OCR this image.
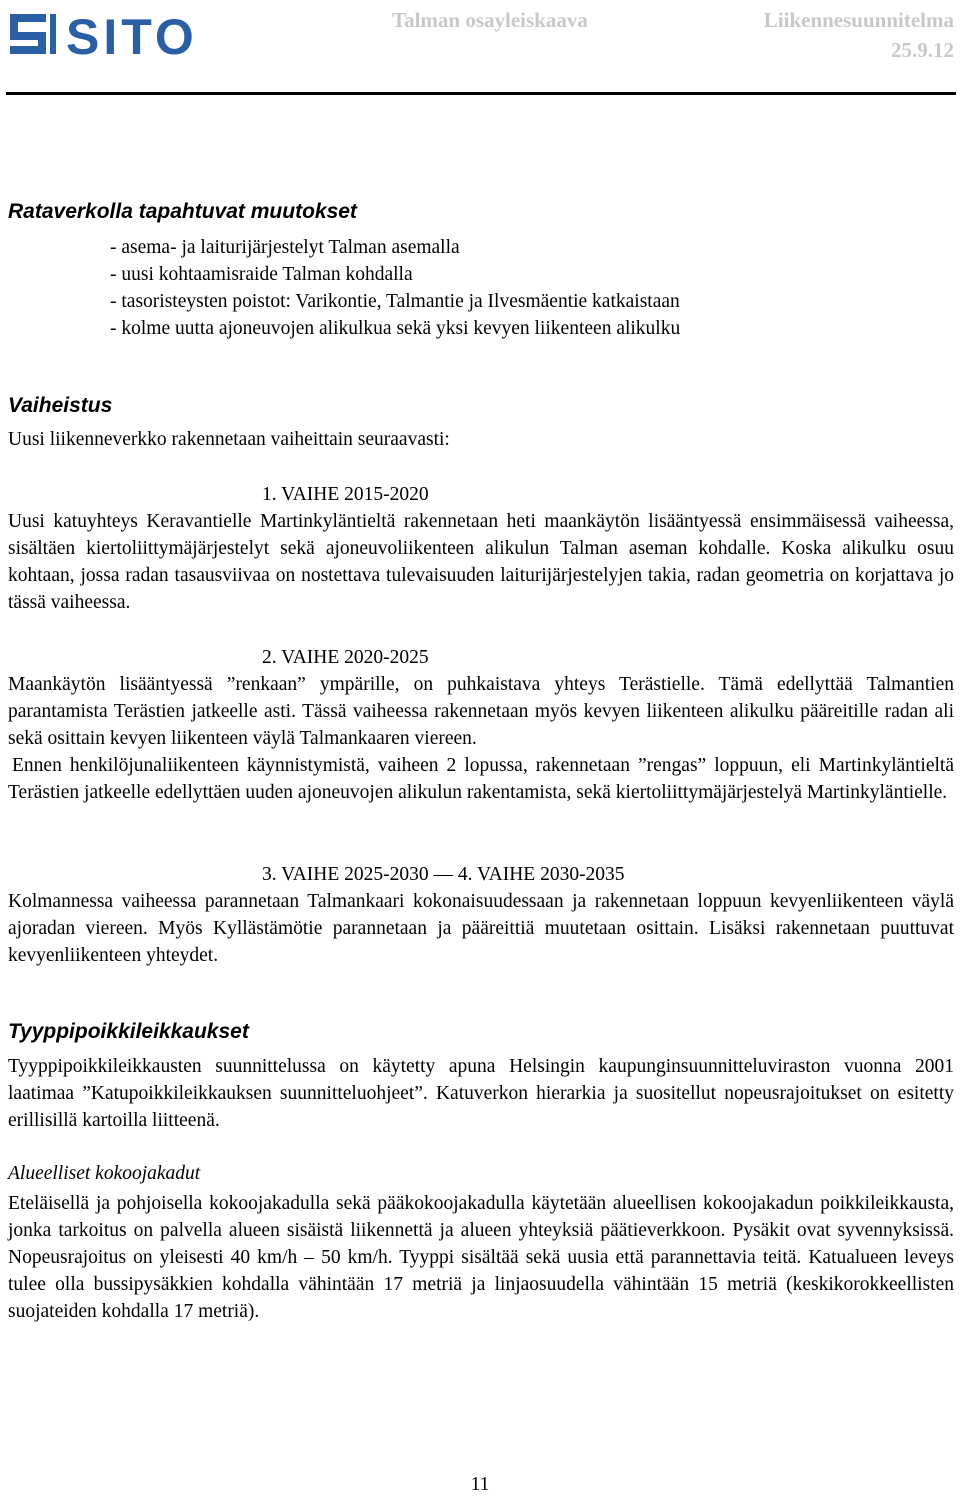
SITO	Talman osayleiskaava	Liikennesuunnitelma
25.9.12
Rataverkolla tapahtuvat muutokset
- asema- ja laiturijärjestelyt Talman asemalla
- uusi kohtaamisraide Talman kohdalla
- tasoristeysten poistot: Varikontie, Talmantie ja Ilvesmäentie katkaistaan
- kolme uutta ajoneuvojen alikulkua sekä yksi kevyen liikenteen alikulku
Vaiheistus
Uusi liikenneverkko rakennetaan vaiheittain seuraavasti:
1. VAIHE 2015-2020
Uusi katuyhteys Keravantielle Martinkyläntieltä rakennetaan heti maankäytön lisääntyessä ensimmäisessä vaiheessa, sisältäen kiertoliittymäjärjestelyt sekä ajoneuvoliikenteen alikulun Talman aseman kohdalle. Koska alikulku osuu kohtaan, jossa radan tasausviivaa on nostettava tulevaisuuden laiturijärjestelyjen takia, radan geometria on korjattava jo tässä vaiheessa.
2. VAIHE 2020-2025
Maankäytön lisääntyessä ”renkaan” ympärille, on puhkaistava yhteys Terästielle. Tämä edellyttää Talmantien parantamista Terästien jatkeelle asti. Tässä vaiheessa rakennetaan myös kevyen liikenteen alikulku pääreitille radan ali sekä osittain kevyen liikenteen väylä Talmankaaren viereen.
Ennen henkilöjunaliikenteen käynnistymistä, vaiheen 2 lopussa, rakennetaan ”rengas” loppuun, eli Martinkyläntieltä Terästien jatkeelle edellyttäen uuden ajoneuvojen alikulun rakentamista, sekä kiertoliittymäjärjestelyä Martinkyläntielle.
3. VAIHE 2025-2030 — 4. VAIHE 2030-2035
Kolmannessa vaiheessa parannetaan Talmankaari kokonaisuudessaan ja rakennetaan loppuun kevyenliikenteen väylä ajoradan viereen. Myös Kyllästämötie parannetaan ja pääreittiä muutetaan osittain. Lisäksi rakennetaan puuttuvat kevyenliikenteen yhteydet.
Tyyppipoikkileikkaukset
Tyyppipoikkileikkausten suunnittelussa on käytetty apuna Helsingin kaupunginsuunnitteluviraston vuonna 2001 laatimaa ”Katupoikkileikkauksen suunnitteluohjeet”. Katuverkon hierarkia ja suositellut nopeusrajoitukset on esitetty erillisillä kartoilla liitteenä.
Alueelliset kokoojakadut
Eteläisellä ja pohjoisella kokoojakadulla sekä pääkokoojakadulla käytetään alueellisen kokoojakadun poikkileikkausta, jonka tarkoitus on palvella alueen sisäistä liikennettä ja alueen yhteyksiä päätieverkkoon. Pysäkit ovat syvennyksissä. Nopeusrajoitus on yleisesti 40 km/h – 50 km/h. Tyyppi sisältää sekä uusia että parannettavia teitä. Katualueen leveys tulee olla bussipysäkkien kohdalla vähintään 17 metriä ja linjaosuudella vähintään 15 metriä (keskikorokkeellisten suojateiden kohdalla 17 metriä).
11
